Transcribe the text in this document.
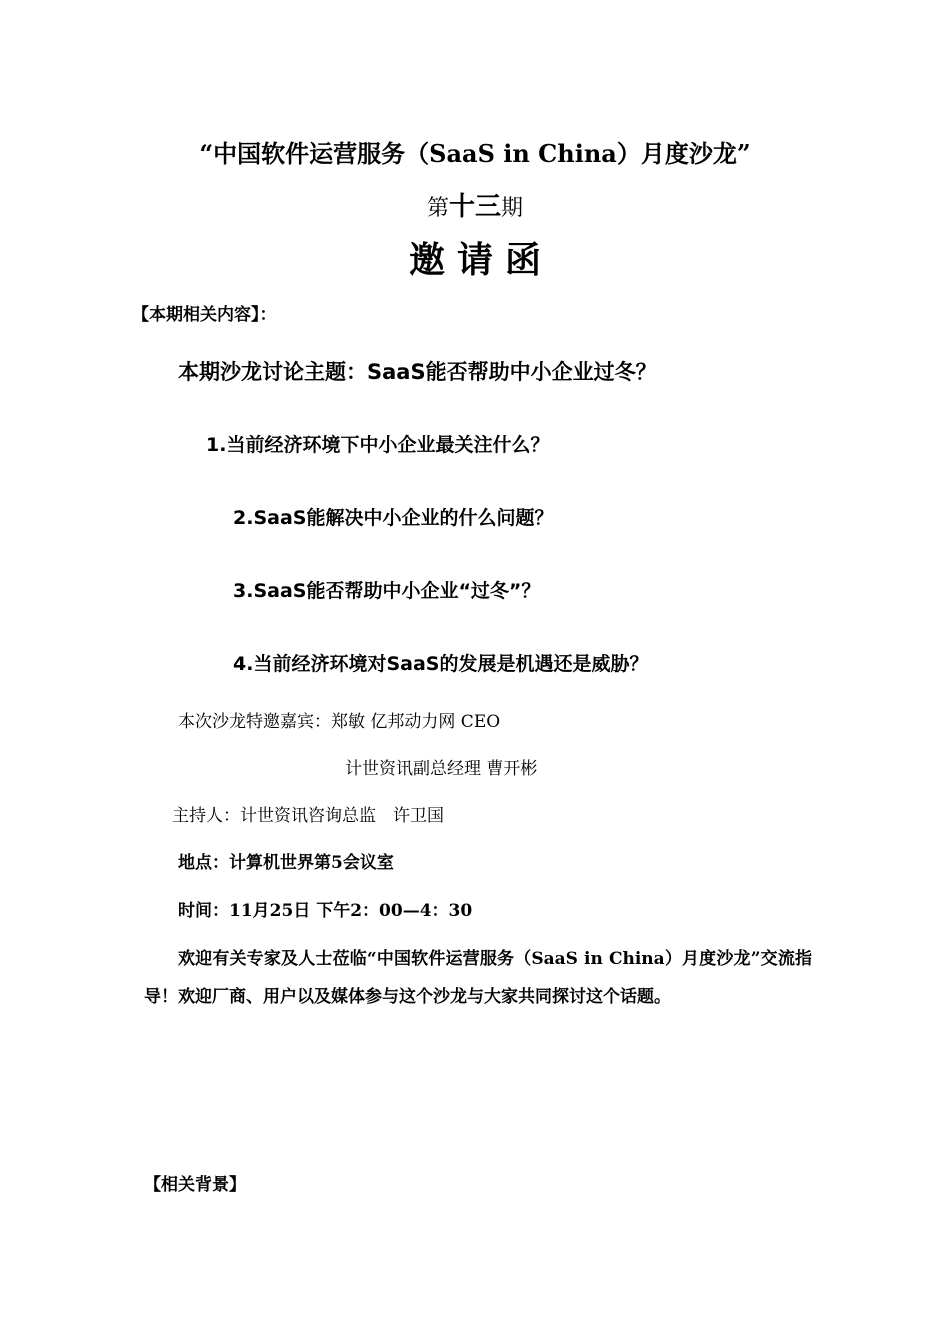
“中国软件运营服务（SaaS in China）月度沙龙”
第十三期
邀请函
【本期相关内容】：
本期沙龙讨论主题：SaaS能否帮助中小企业过冬？
1.当前经济环境下中小企业最关注什么？
2.SaaS能解决中小企业的什么问题？
3.SaaS能否帮助中小企业“过冬”？
4.当前经济环境对SaaS的发展是机遇还是威胁？
本次沙龙特邀嘉宾：郑敏 亿邦动力网 CEO
计世资讯副总经理 曹开彬
主持人：计世资讯咨询总监　许卫国
地点：计算机世界第5会议室
时间：11月25日 下午2：00—4：30
欢迎有关专家及人士莅临“中国软件运营服务（SaaS in China）月度沙龙”交流指导！欢迎厂商、用户以及媒体参与这个沙龙与大家共同探讨这个话题。
【相关背景】
